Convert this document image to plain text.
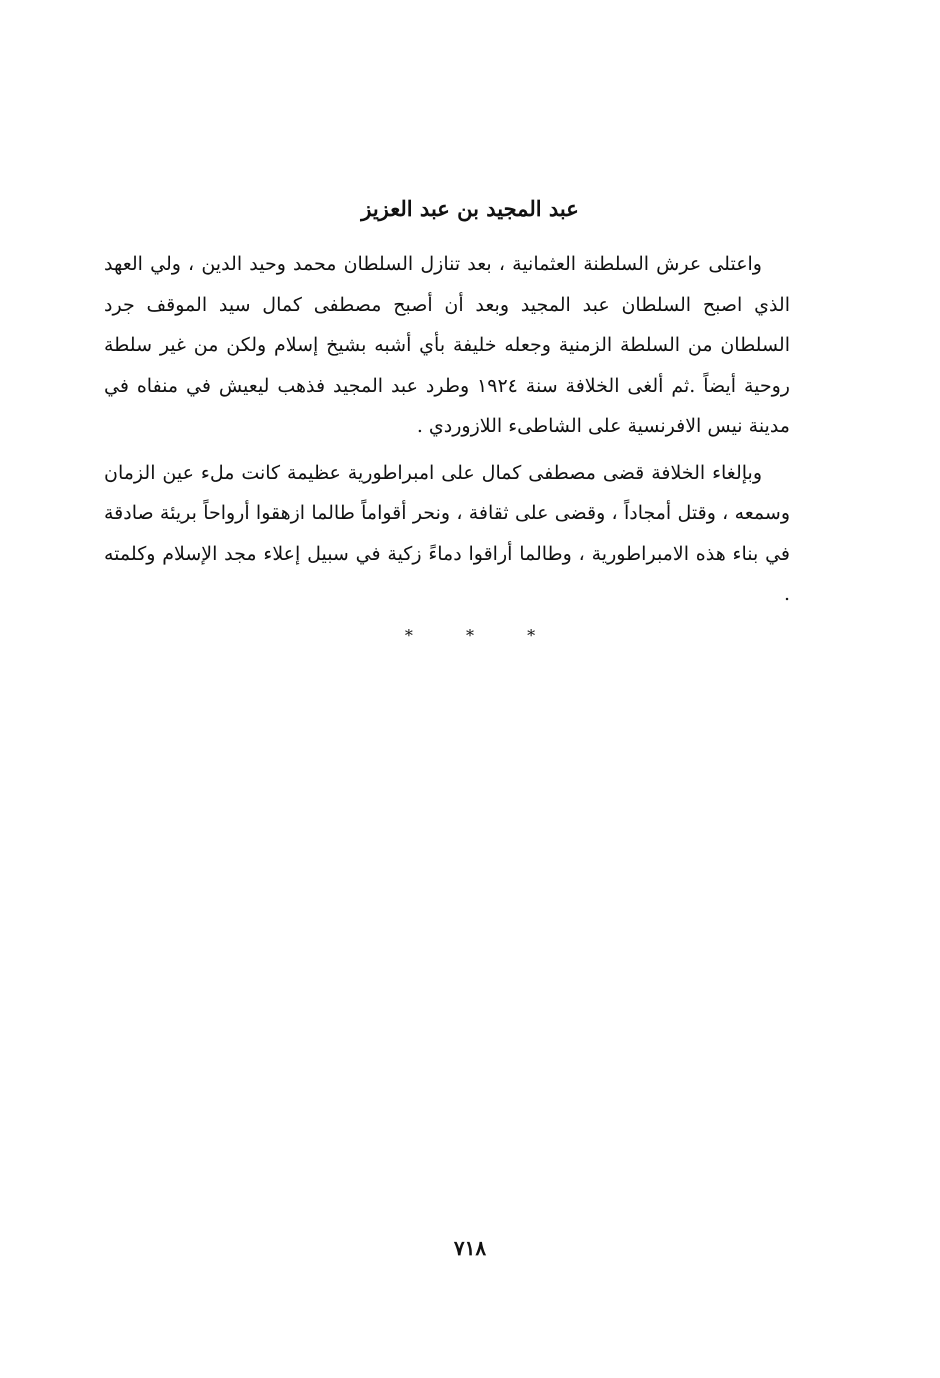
عبد المجيد بن عبد العزيز

واعتلى عرش السلطنة العثمانية ، بعد تنازل السلطان محمد وحيد الدين ، ولي العهد الذي اصبح السلطان عبد المجيد وبعد أن أصبح مصطفى كمال سيد الموقف جرد السلطان من السلطة الزمنية وجعله خليفة بأي أشبه بشيخ إسلام ولكن من غير سلطة روحية أيضاً .ثم ألغى الخلافة سنة ١٩٢٤ وطرد عبد المجيد فذهب ليعيش في منفاه في مدينة نيس الافرنسية على الشاطىء اللازوردي .

وبإلغاء الخلافة قضى مصطفى كمال على امبراطورية عظيمة كانت ملء عين الزمان وسمعه ، وقتل أمجاداً ، وقضى على ثقافة ، ونحر أقواماً طالما ازهقوا أرواحاً بريئة صادقة في بناء هذه الامبراطورية ، وطالما أراقوا دماءً زكية في سبيل إعلاء مجد الإسلام وكلمته .

*	*	*
٧١٨
